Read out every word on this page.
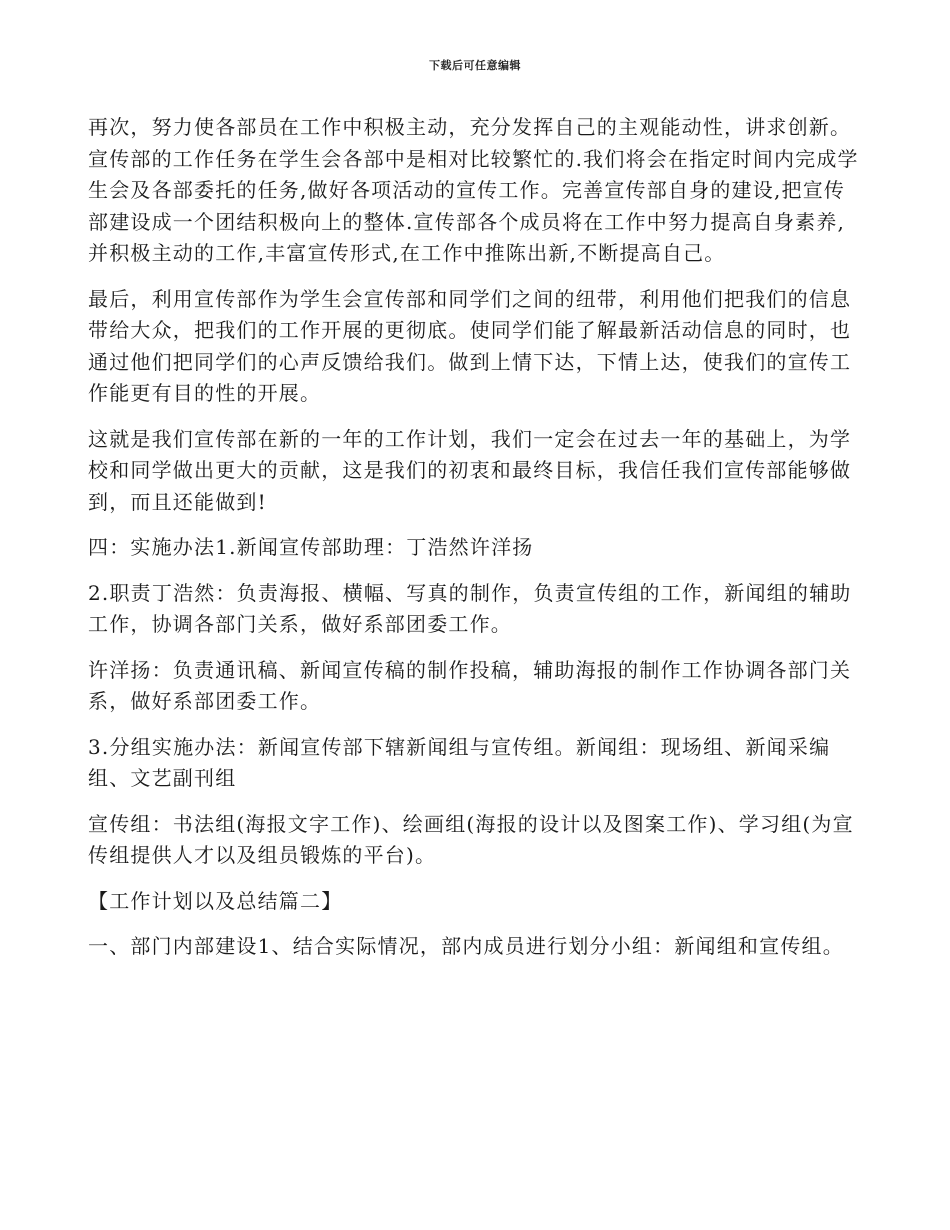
下载后可任意编辑

再次，努力使各部员在工作中积极主动，充分发挥自己的主观能动性，讲求创新。宣传部的工作任务在学生会各部中是相对比较繁忙的.我们将会在指定时间内完成学生会及各部委托的任务,做好各项活动的宣传工作。完善宣传部自身的建设,把宣传部建设成一个团结积极向上的整体.宣传部各个成员将在工作中努力提高自身素养,并积极主动的工作,丰富宣传形式,在工作中推陈出新,不断提高自己。

最后，利用宣传部作为学生会宣传部和同学们之间的纽带，利用他们把我们的信息带给大众，把我们的工作开展的更彻底。使同学们能了解最新活动信息的同时，也通过他们把同学们的心声反馈给我们。做到上情下达，下情上达，使我们的宣传工作能更有目的性的开展。

这就是我们宣传部在新的一年的工作计划，我们一定会在过去一年的基础上，为学校和同学做出更大的贡献，这是我们的初衷和最终目标，我信任我们宣传部能够做到，而且还能做到!

四：实施办法1.新闻宣传部助理：丁浩然许洋扬

2.职责丁浩然：负责海报、横幅、写真的制作，负责宣传组的工作，新闻组的辅助工作，协调各部门关系，做好系部团委工作。

许洋扬：负责通讯稿、新闻宣传稿的制作投稿，辅助海报的制作工作协调各部门关系，做好系部团委工作。

3.分组实施办法：新闻宣传部下辖新闻组与宣传组。新闻组：现场组、新闻采编组、文艺副刊组

宣传组：书法组(海报文字工作)、绘画组(海报的设计以及图案工作)、学习组(为宣传组提供人才以及组员锻炼的平台)。

【工作计划以及总结篇二】

一、部门内部建设1、结合实际情况，部内成员进行划分小组：新闻组和宣传组。
